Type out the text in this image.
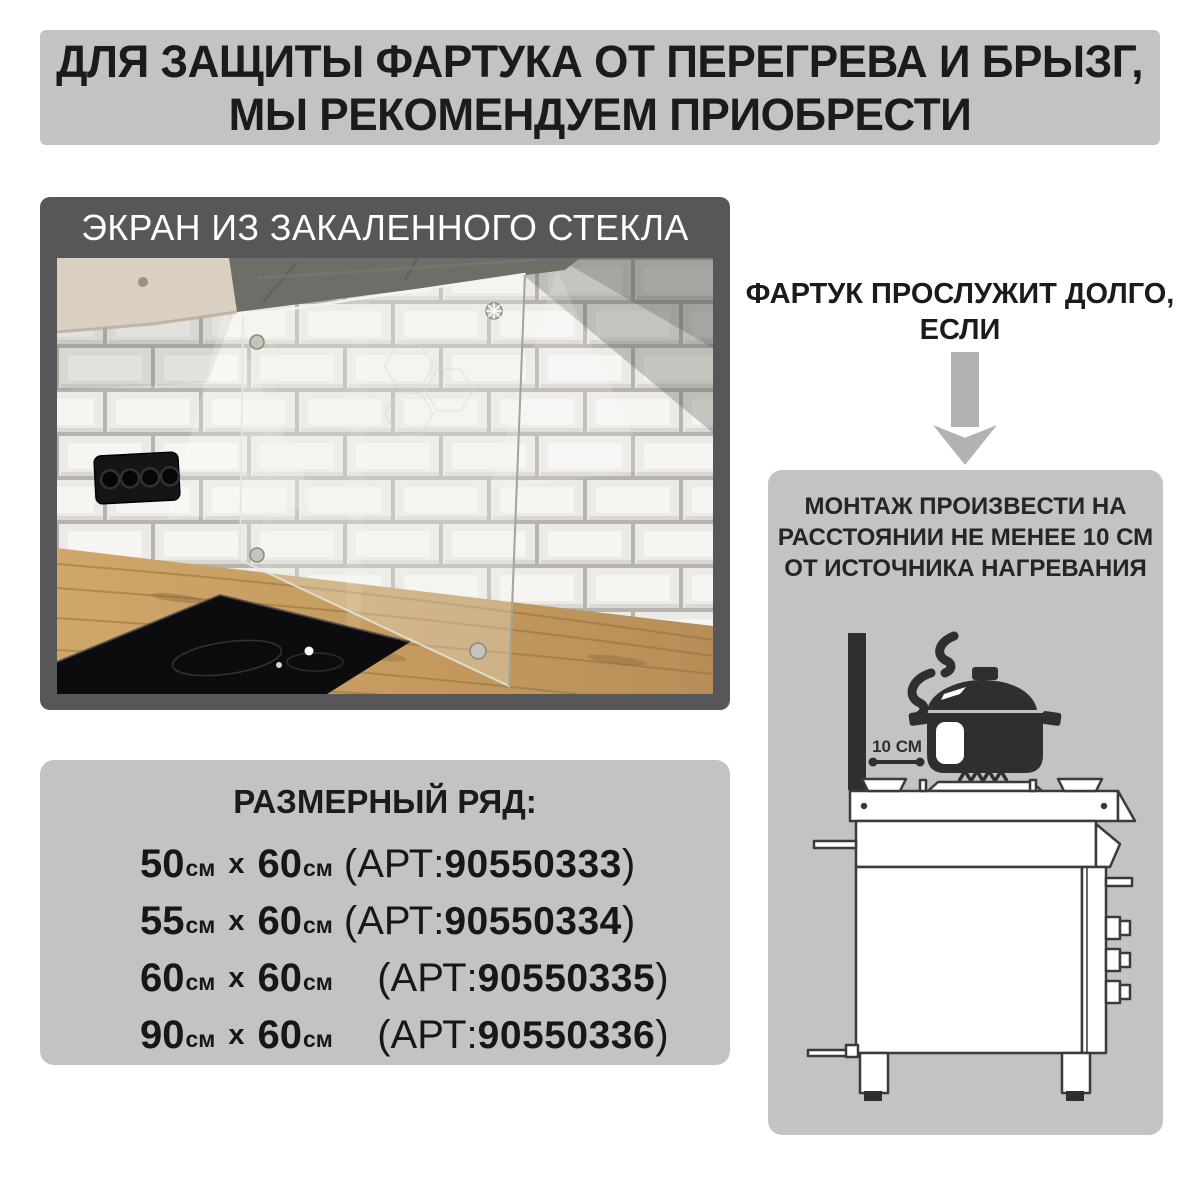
ДЛЯ ЗАЩИТЫ ФАРТУКА ОТ ПЕРЕГРЕВА И БРЫЗГ,
МЫ РЕКОМЕНДУЕМ ПРИОБРЕСТИ
ЭКРАН ИЗ ЗАКАЛЕННОГО СТЕКЛА
ФАРТУК ПРОСЛУЖИТ ДОЛГО,
ЕСЛИ
МОНТАЖ ПРОИЗВЕСТИ НА
РАССТОЯНИИ НЕ МЕНЕЕ 10 СМ
ОТ ИСТОЧНИКА НАГРЕВАНИЯ
10 СМ
РАЗМЕРНЫЙ РЯД:
50 см x 60 см
(АРТ: 90550333 )
55 см x 60 см
(АРТ: 90550334 )
60 см x 60 см
(АРТ: 90550335 )
90 см x 60 см
(АРТ: 90550336 )
